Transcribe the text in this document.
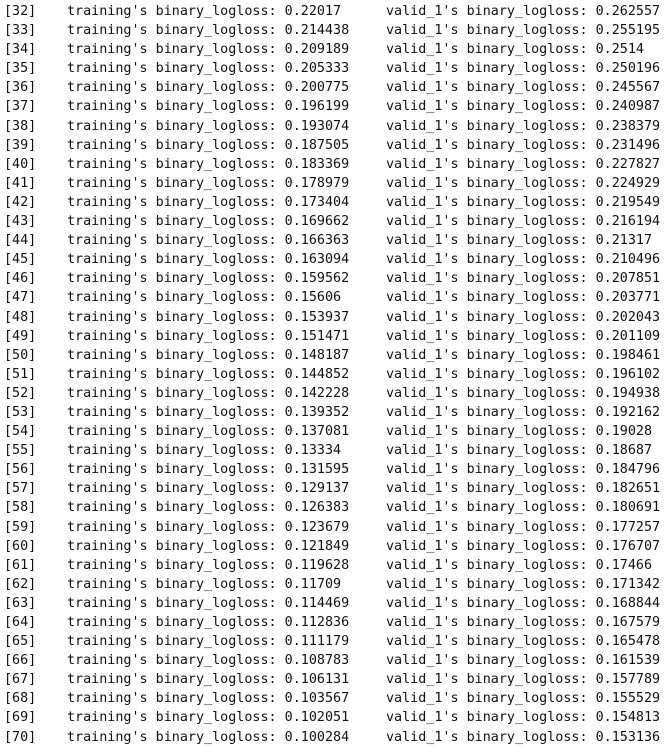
[32] training's binary_logloss: 0.22017	valid_1's binary_logloss: 0.262557
[33] training's binary_logloss: 0.214438	valid_1's binary_logloss: 0.255195
[34] training's binary_logloss: 0.209189	valid_1's binary_logloss: 0.2514
[35] training's binary_logloss: 0.205333	valid_1's binary_logloss: 0.250196
[36] training's binary_logloss: 0.200775	valid_1's binary_logloss: 0.245567
[37] training's binary_logloss: 0.196199	valid_1's binary_logloss: 0.240987
[38] training's binary_logloss: 0.193074	valid_1's binary_logloss: 0.238379
[39] training's binary_logloss: 0.187505	valid_1's binary_logloss: 0.231496
[40] training's binary_logloss: 0.183369	valid_1's binary_logloss: 0.227827
[41] training's binary_logloss: 0.178979	valid_1's binary_logloss: 0.224929
[42] training's binary_logloss: 0.173404	valid_1's binary_logloss: 0.219549
[43] training's binary_logloss: 0.169662	valid_1's binary_logloss: 0.216194
[44] training's binary_logloss: 0.166363	valid_1's binary_logloss: 0.21317
[45] training's binary_logloss: 0.163094	valid_1's binary_logloss: 0.210496
[46] training's binary_logloss: 0.159562	valid_1's binary_logloss: 0.207851
[47] training's binary_logloss: 0.15606	valid_1's binary_logloss: 0.203771
[48] training's binary_logloss: 0.153937	valid_1's binary_logloss: 0.202043
[49] training's binary_logloss: 0.151471	valid_1's binary_logloss: 0.201109
[50] training's binary_logloss: 0.148187	valid_1's binary_logloss: 0.198461
[51] training's binary_logloss: 0.144852	valid_1's binary_logloss: 0.196102
[52] training's binary_logloss: 0.142228	valid_1's binary_logloss: 0.194938
[53] training's binary_logloss: 0.139352	valid_1's binary_logloss: 0.192162
[54] training's binary_logloss: 0.137081	valid_1's binary_logloss: 0.19028
[55] training's binary_logloss: 0.13334	valid_1's binary_logloss: 0.18687
[56] training's binary_logloss: 0.131595	valid_1's binary_logloss: 0.184796
[57] training's binary_logloss: 0.129137	valid_1's binary_logloss: 0.182651
[58] training's binary_logloss: 0.126383	valid_1's binary_logloss: 0.180691
[59] training's binary_logloss: 0.123679	valid_1's binary_logloss: 0.177257
[60] training's binary_logloss: 0.121849	valid_1's binary_logloss: 0.176707
[61] training's binary_logloss: 0.119628	valid_1's binary_logloss: 0.17466
[62] training's binary_logloss: 0.11709	valid_1's binary_logloss: 0.171342
[63] training's binary_logloss: 0.114469	valid_1's binary_logloss: 0.168844
[64] training's binary_logloss: 0.112836	valid_1's binary_logloss: 0.167579
[65] training's binary_logloss: 0.111179	valid_1's binary_logloss: 0.165478
[66] training's binary_logloss: 0.108783	valid_1's binary_logloss: 0.161539
[67] training's binary_logloss: 0.106131	valid_1's binary_logloss: 0.157789
[68] training's binary_logloss: 0.103567	valid_1's binary_logloss: 0.155529
[69] training's binary_logloss: 0.102051	valid_1's binary_logloss: 0.154813
[70] training's binary_logloss: 0.100284	valid_1's binary_logloss: 0.153136
